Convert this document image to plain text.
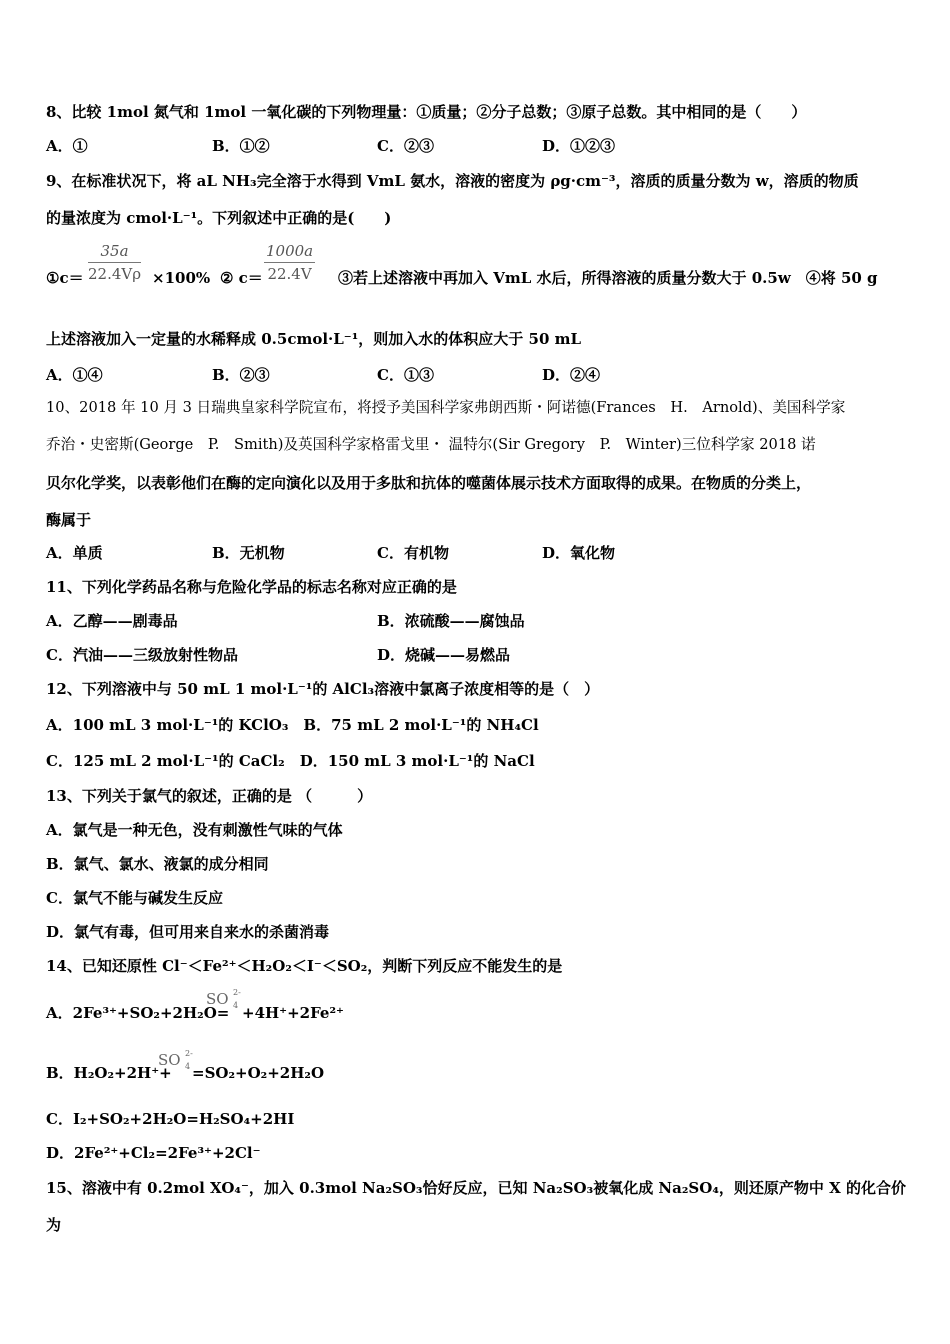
8、比较 1mol 氮气和 1mol 一氧化碳的下列物理量：①质量；②分子总数；③原子总数。其中相同的是（　　）
A．①	B．①②	C．②③	D．①②③
9、在标准状况下，将 aL NH₃完全溶于水得到 VmL 氨水，溶液的密度为 ρg·cm⁻³，溶质的质量分数为 w，溶质的物质
的量浓度为 cmol·L⁻¹。下列叙述中正确的是(　　)
①c＝ $\frac{35a}{22.4V\rho} \times 100\%$ ② $c= \frac{1000a}{22.4V}$ ③若上述溶液中再加入 VmL 水后，所得溶液的质量分数大于 0.5w　④将 50 g
上述溶液加入一定量的水稀释成 0.5cmol·L⁻¹，则加入水的体积应大于 50 mL
A．①④	B．②③	C．①③	D．②④
10、2018 年 10 月 3 日瑞典皇家科学院宣布，将授予美国科学家弗朗西斯・阿诺德(Frances　H.　Arnold)、美国科学家
乔治・史密斯(George　P.　Smith)及英国科学家格雷戈里・ 温特尔(Sir Gregory　P.　Winter)三位科学家 2018 诺
贝尔化学奖，以表彰他们在酶的定向演化以及用于多肽和抗体的噬菌体展示技术方面取得的成果。在物质的分类上，
酶属于
A．单质	B．无机物	C．有机物	D．氧化物
11、下列化学药品名称与危险化学品的标志名称对应正确的是
A．乙醇——剧毒品	B．浓硫酸——腐蚀品
C．汽油——三级放射性物品	D．烧碱——易燃品
12、下列溶液中与 50 mL 1 mol·L⁻¹的 AlCl₃溶液中氯离子浓度相等的是（　）
A．100 mL 3 mol·L⁻¹的 KClO₃　B．75 mL 2 mol·L⁻¹的 NH₄Cl
C．125 mL 2 mol·L⁻¹的 CaCl₂　D．150 mL 3 mol·L⁻¹的 NaCl
13、下列关于氯气的叙述，正确的是 （　　　）
A．氯气是一种无色，没有刺激性气味的气体
B．氯气、氯水、液氯的成分相同
C．氯气不能与碱发生反应
D．氯气有毒，但可用来自来水的杀菌消毒
14、已知还原性 Cl⁻＜Fe²⁺＜H₂O₂＜I⁻＜SO₂，判断下列反应不能发生的是
A．2Fe³⁺+SO₂+2H₂O=
SO 2-
4 +4H⁺+2Fe²⁺
B．H₂O₂+2H⁺+
SO 2-
4 =SO₂+O₂+2H₂O
C．I₂+SO₂+2H₂O=H₂SO₄+2HI
D．2Fe²⁺+Cl₂=2Fe³⁺+2Cl⁻
15、溶液中有 0.2mol XO₄⁻，加入 0.3mol Na₂SO₃恰好反应，已知 Na₂SO₃被氧化成 Na₂SO₄，则还原产物中 X 的化合价
为
